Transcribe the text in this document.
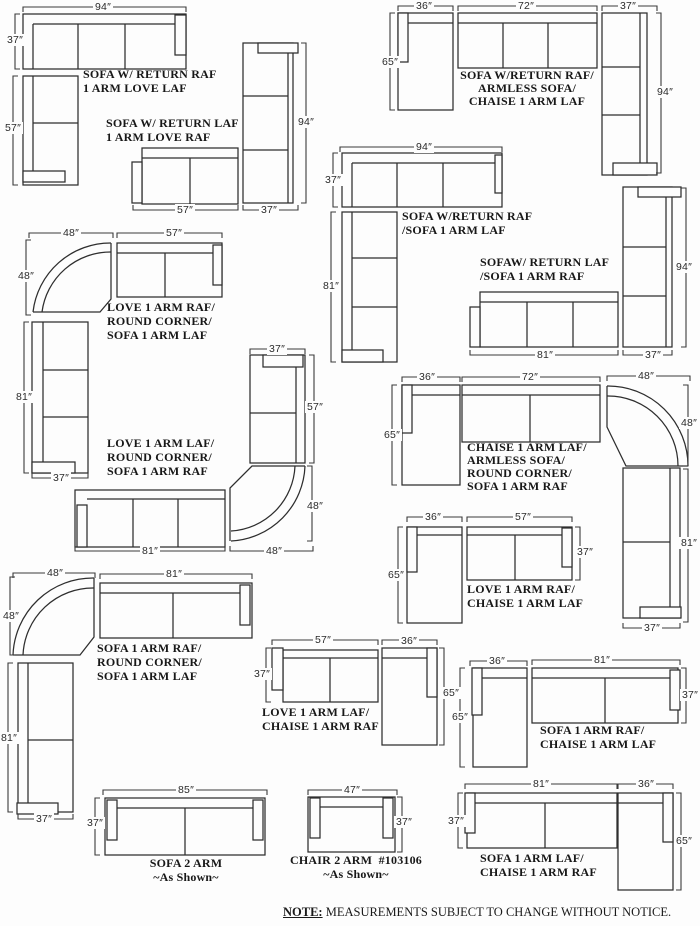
94″
37″
57″
57″	37″
94″
36″	72″	37″
65″
94″
94″
37″
81″
81″	37″
94″
48″	57″
48″
81″
37″
37″
57″
48″
48″
81″
36″	72″	48″
65″
48″
81″
37″
48″	81″
48″
81″
37″
36″	57″
65″
37″
57″	36″
37″
65″
36″	81″
65″
37″
85″
37″
47″
37″
81″	36″
37″
65″
SOFA W/ RETURN RAF
1 ARM LOVE LAF
SOFA W/ RETURN LAF
1 ARM LOVE RAF
SOFA W/RETURN RAF/
ARMLESS SOFA/
CHAISE 1 ARM LAF
SOFA W/RETURN RAF
/SOFA 1 ARM LAF
SOFAW/ RETURN LAF
/SOFA 1 ARM RAF
LOVE 1 ARM RAF/
ROUND CORNER/
SOFA 1 ARM LAF
LOVE 1 ARM LAF/
ROUND CORNER/
SOFA 1 ARM RAF
CHAISE 1 ARM LAF/
ARMLESS SOFA/
ROUND CORNER/
SOFA 1 ARM RAF
SOFA 1 ARM RAF/
ROUND CORNER/
SOFA 1 ARM LAF
LOVE 1 ARM RAF/
CHAISE 1 ARM LAF
LOVE 1 ARM LAF/
CHAISE 1 ARM RAF	SOFA 1 ARM RAF/
CHAISE 1 ARM LAF
SOFA 2 ARM
~As Shown~
CHAIR 2 ARM  #103106
~As Shown~
SOFA 1 ARM LAF/
CHAISE 1 ARM RAF
NOTE: MEASUREMENTS SUBJECT TO CHANGE WITHOUT NOTICE.
